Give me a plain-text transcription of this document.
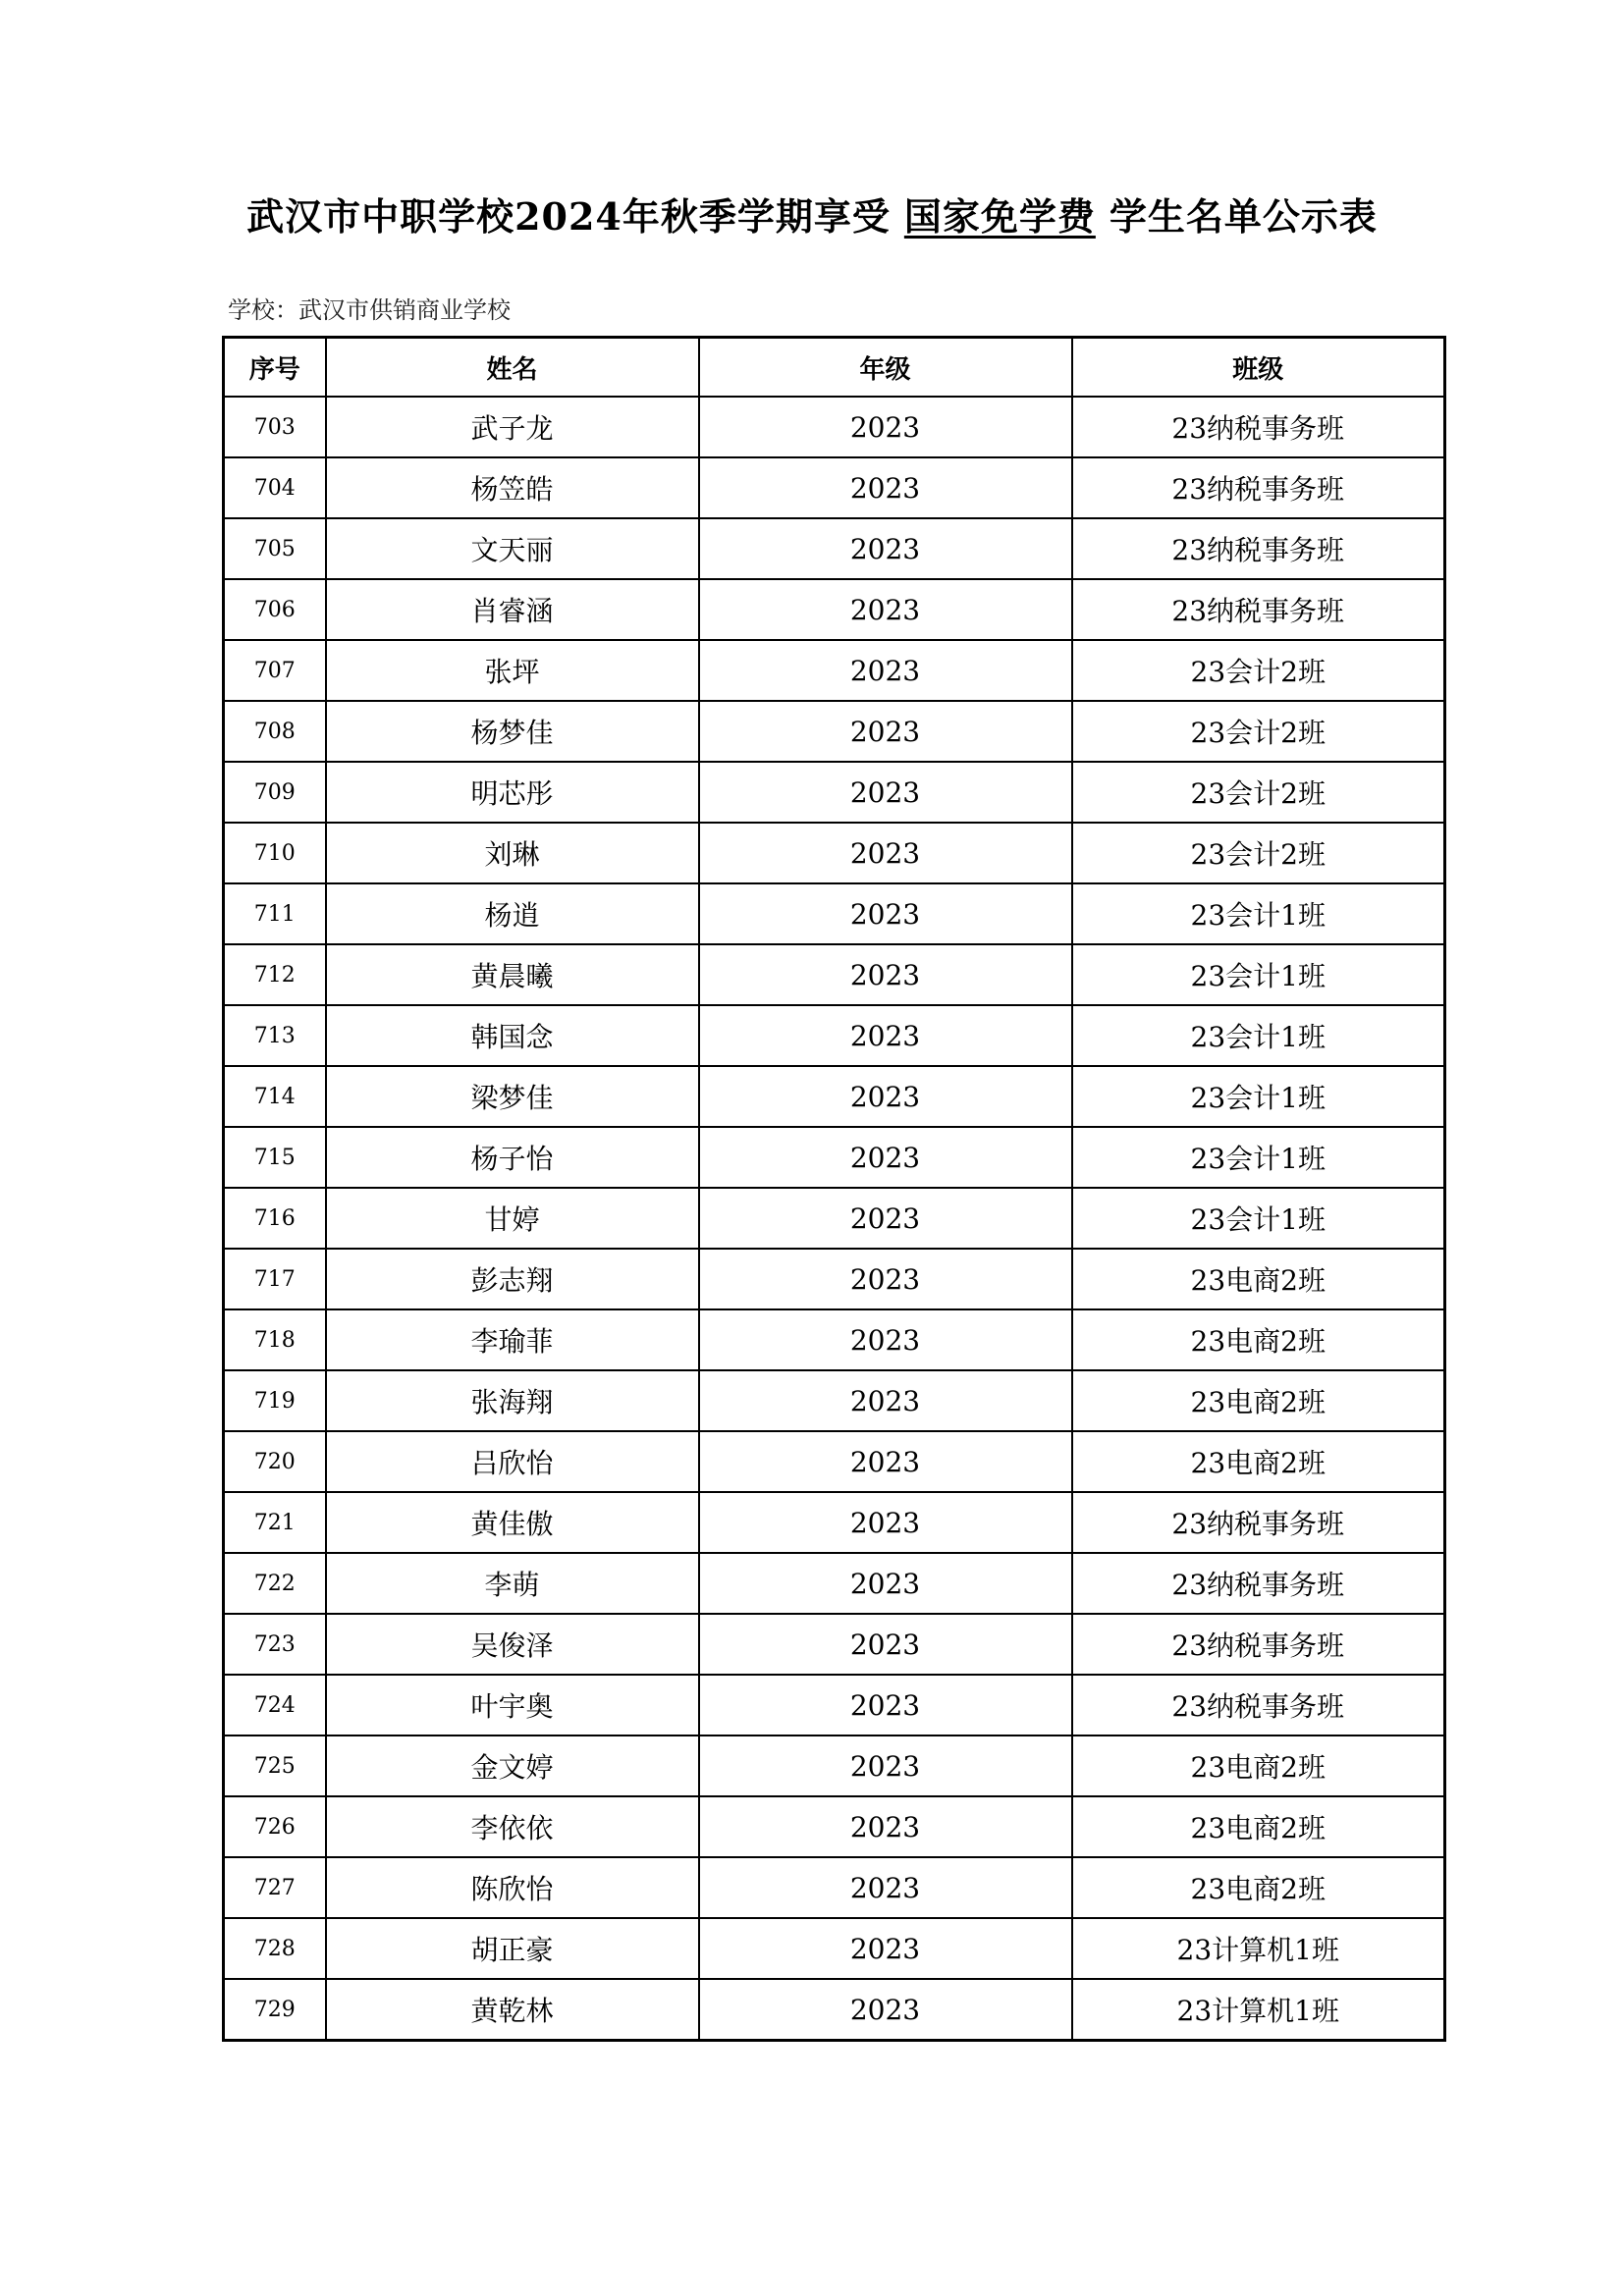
武汉市中职学校2024年秋季学期享受 国家免学费 学生名单公示表
学校：武汉市供销商业学校
序号	姓名	年级	班级
703	武子龙	2023	23纳税事务班
704	杨笠皓	2023	23纳税事务班
705	文天丽	2023	23纳税事务班
706	肖睿涵	2023	23纳税事务班
707	张坪	2023	23会计2班
708	杨梦佳	2023	23会计2班
709	明芯彤	2023	23会计2班
710	刘琳	2023	23会计2班
711	杨逍	2023	23会计1班
712	黄晨曦	2023	23会计1班
713	韩国念	2023	23会计1班
714	梁梦佳	2023	23会计1班
715	杨子怡	2023	23会计1班
716	甘婷	2023	23会计1班
717	彭志翔	2023	23电商2班
718	李瑜菲	2023	23电商2班
719	张海翔	2023	23电商2班
720	吕欣怡	2023	23电商2班
721	黄佳傲	2023	23纳税事务班
722	李萌	2023	23纳税事务班
723	吴俊泽	2023	23纳税事务班
724	叶宇奥	2023	23纳税事务班
725	金文婷	2023	23电商2班
726	李依依	2023	23电商2班
727	陈欣怡	2023	23电商2班
728	胡正豪	2023	23计算机1班
729	黄乾林	2023	23计算机1班
